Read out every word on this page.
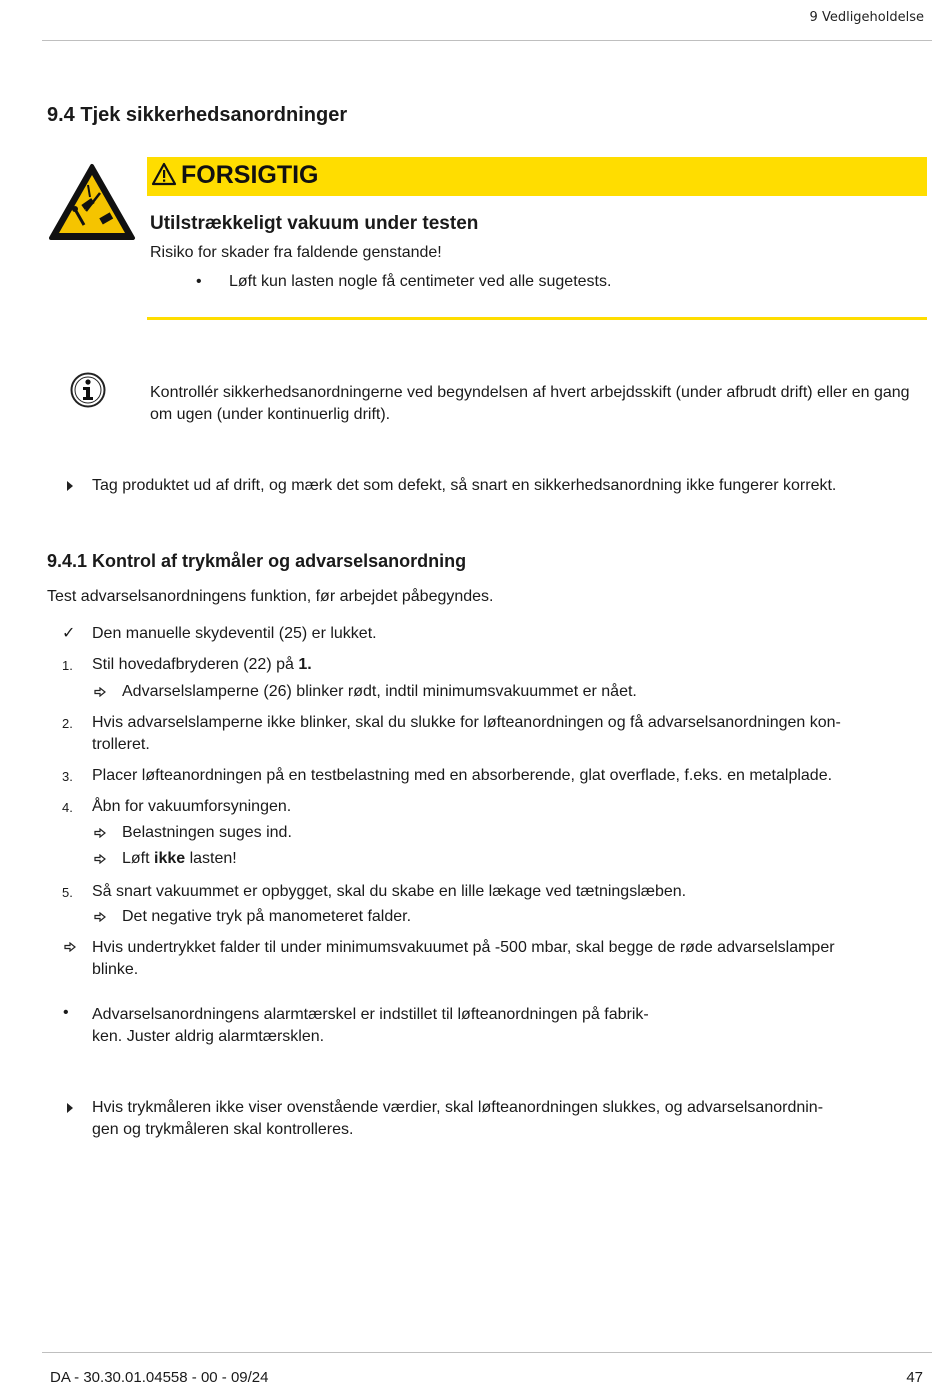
9 Vedligeholdelse
9.4 Tjek sikkerhedsanordninger
FORSIGTIG
Utilstrækkeligt vakuum under testen
Risiko for skader fra faldende genstande!
• Løft kun lasten nogle få centimeter ved alle sugetests.
Kontrollér sikkerhedsanordningerne ved begyndelsen af hvert arbejdsskift (under afbrudt drift) eller en gang om ugen (under kontinuerlig drift).
Tag produktet ud af drift, og mærk det som defekt, så snart en sikkerhedsanordning ikke fungerer korrekt.
9.4.1 Kontrol af trykmåler og advarselsanordning
Test advarselsanordningens funktion, før arbejdet påbegyndes.
✓ Den manuelle skydeventil (25) er lukket.
1. Stil hovedafbryderen (22) på 1.
Advarselslamperne (26) blinker rødt, indtil minimumsvakuummet er nået.
2. Hvis advarselslamperne ikke blinker, skal du slukke for løfteanordningen og få advarselsanordningen kon-
trolleret.
3. Placer løfteanordningen på en testbelastning med en absorberende, glat overflade, f.eks. en metalplade.
4. Åbn for vakuumforsyningen.
Belastningen suges ind.
Løft ikke lasten!
5. Så snart vakuummet er opbygget, skal du skabe en lille lækage ved tætningslæben.
Det negative tryk på manometeret falder.
Hvis undertrykket falder til under minimumsvakuumet på -500 mbar, skal begge de røde advarselslamper
blinke.
• Advarselsanordningens alarmtærskel er indstillet til løfteanordningen på fabrik-
ken. Juster aldrig alarmtærsklen.
Hvis trykmåleren ikke viser ovenstående værdier, skal løfteanordningen slukkes, og advarselsanordnin-
gen og trykmåleren skal kontrolleres.
DA - 30.30.01.04558 - 00 - 09/24	47
